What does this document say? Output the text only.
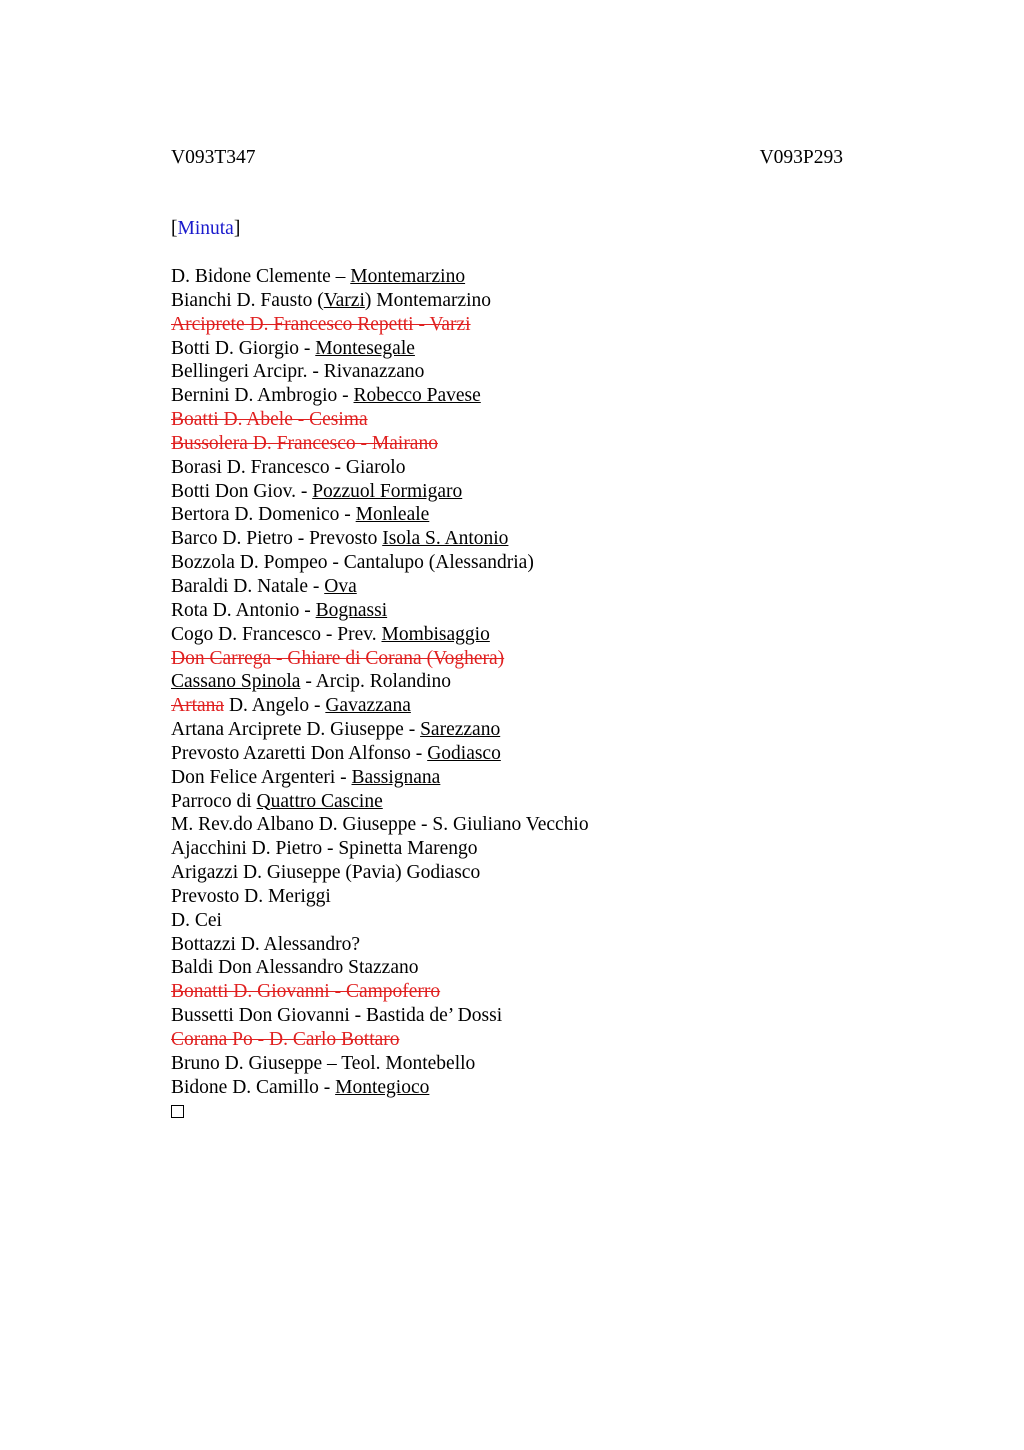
V093T347	V093P293
[Minuta]
D. Bidone Clemente – Montemarzino
Bianchi D. Fausto (Varzi) Montemarzino
Arciprete D. Francesco Repetti - Varzi
Botti D. Giorgio - Montesegale
Bellingeri Arcipr. - Rivanazzano
Bernini D. Ambrogio - Robecco Pavese
Boatti D. Abele - Cesima
Bussolera D. Francesco - Mairano
Borasi D. Francesco - Giarolo
Botti Don Giov. - Pozzuol Formigaro
Bertora D. Domenico - Monleale
Barco D. Pietro - Prevosto Isola S. Antonio
Bozzola D. Pompeo - Cantalupo (Alessandria)
Baraldi D. Natale - Ova
Rota D. Antonio - Bognassi
Cogo D. Francesco - Prev. Mombisaggio
Don Carrega - Ghiare di Corana (Voghera)
Cassano Spinola - Arcip. Rolandino
Artana D. Angelo - Gavazzana
Artana Arciprete D. Giuseppe - Sarezzano
Prevosto Azaretti Don Alfonso - Godiasco
Don Felice Argenteri - Bassignana
Parroco di Quattro Cascine
M. Rev.do Albano D. Giuseppe - S. Giuliano Vecchio
Ajacchini D. Pietro - Spinetta Marengo
Arigazzi D. Giuseppe (Pavia) Godiasco
Prevosto D. Meriggi
D. Cei
Bottazzi D. Alessandro?
Baldi Don Alessandro Stazzano
Bonatti D. Giovanni - Campoferro
Bussetti Don Giovanni - Bastida de’ Dossi
Corana Po - D. Carlo Bottaro
Bruno D. Giuseppe – Teol. Montebello
Bidone D. Camillo - Montegioco
